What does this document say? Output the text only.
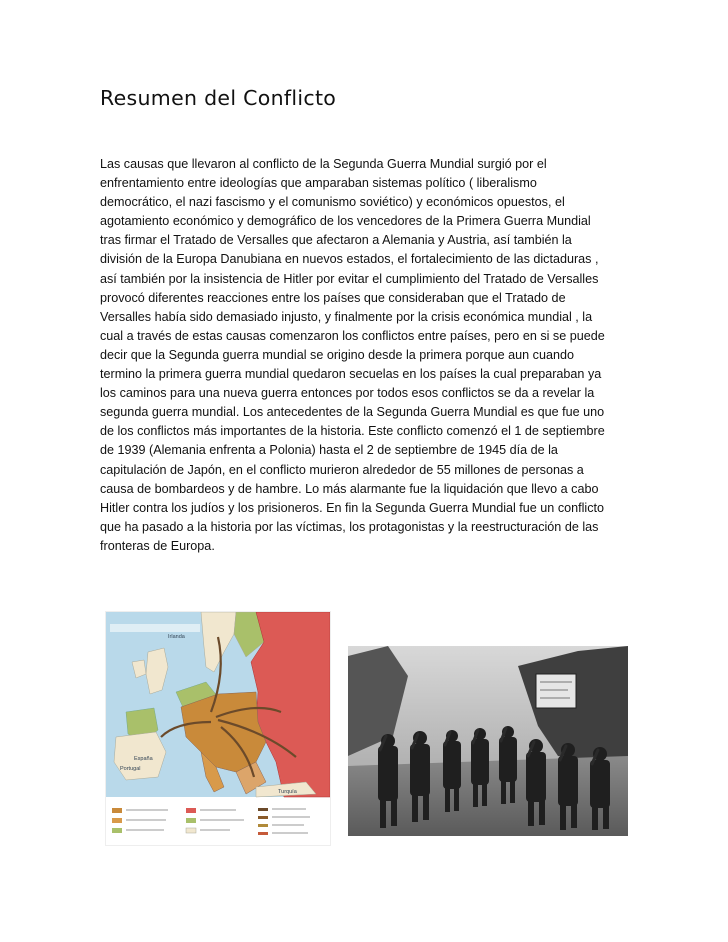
Resumen del Conflicto

Las causas que llevaron al conflicto de la Segunda Guerra Mundial surgió por el
enfrentamiento entre ideologías que amparaban sistemas político ( liberalismo
democrático, el nazi fascismo y el comunismo soviético) y económicos opuestos, el
agotamiento económico y demográfico de los vencedores de la Primera Guerra Mundial
tras firmar el Tratado de Versalles que afectaron a Alemania y Austria, así también la
división de la Europa Danubiana en nuevos estados, el fortalecimiento de las dictaduras ,
así también por la insistencia de Hitler por evitar el cumplimiento del Tratado de Versalles
provocó diferentes reacciones entre los países que consideraban que el Tratado de
Versalles había sido demasiado injusto, y finalmente por la crisis económica mundial , la
cual a través de estas causas comenzaron los conflictos entre países, pero en si se puede
decir que la Segunda guerra mundial se origino desde la primera porque aun cuando
termino la primera guerra mundial quedaron secuelas en los países la cual preparaban ya
los caminos para una nueva guerra entonces por todos esos conflictos se da a revelar la
segunda guerra mundial. Los antecedentes de la Segunda Guerra Mundial es que fue uno
de los conflictos más importantes de la historia. Este conflicto comenzó el 1 de septiembre
de 1939 (Alemania enfrenta a Polonia) hasta el 2 de septiembre de 1945 día de la
capitulación de Japón, en el conflicto murieron alrededor de 55 millones de personas a
causa de bombardeos y de hambre. Lo más alarmante fue la liquidación que llevo a cabo
Hitler contra los judíos y los prisioneros. En fin la Segunda Guerra Mundial fue un conflicto
que ha pasado a la historia por las víctimas, los protagonistas y la reestructuración de las
fronteras de Europa.

Irlanda
Portugal
España
Turquía
